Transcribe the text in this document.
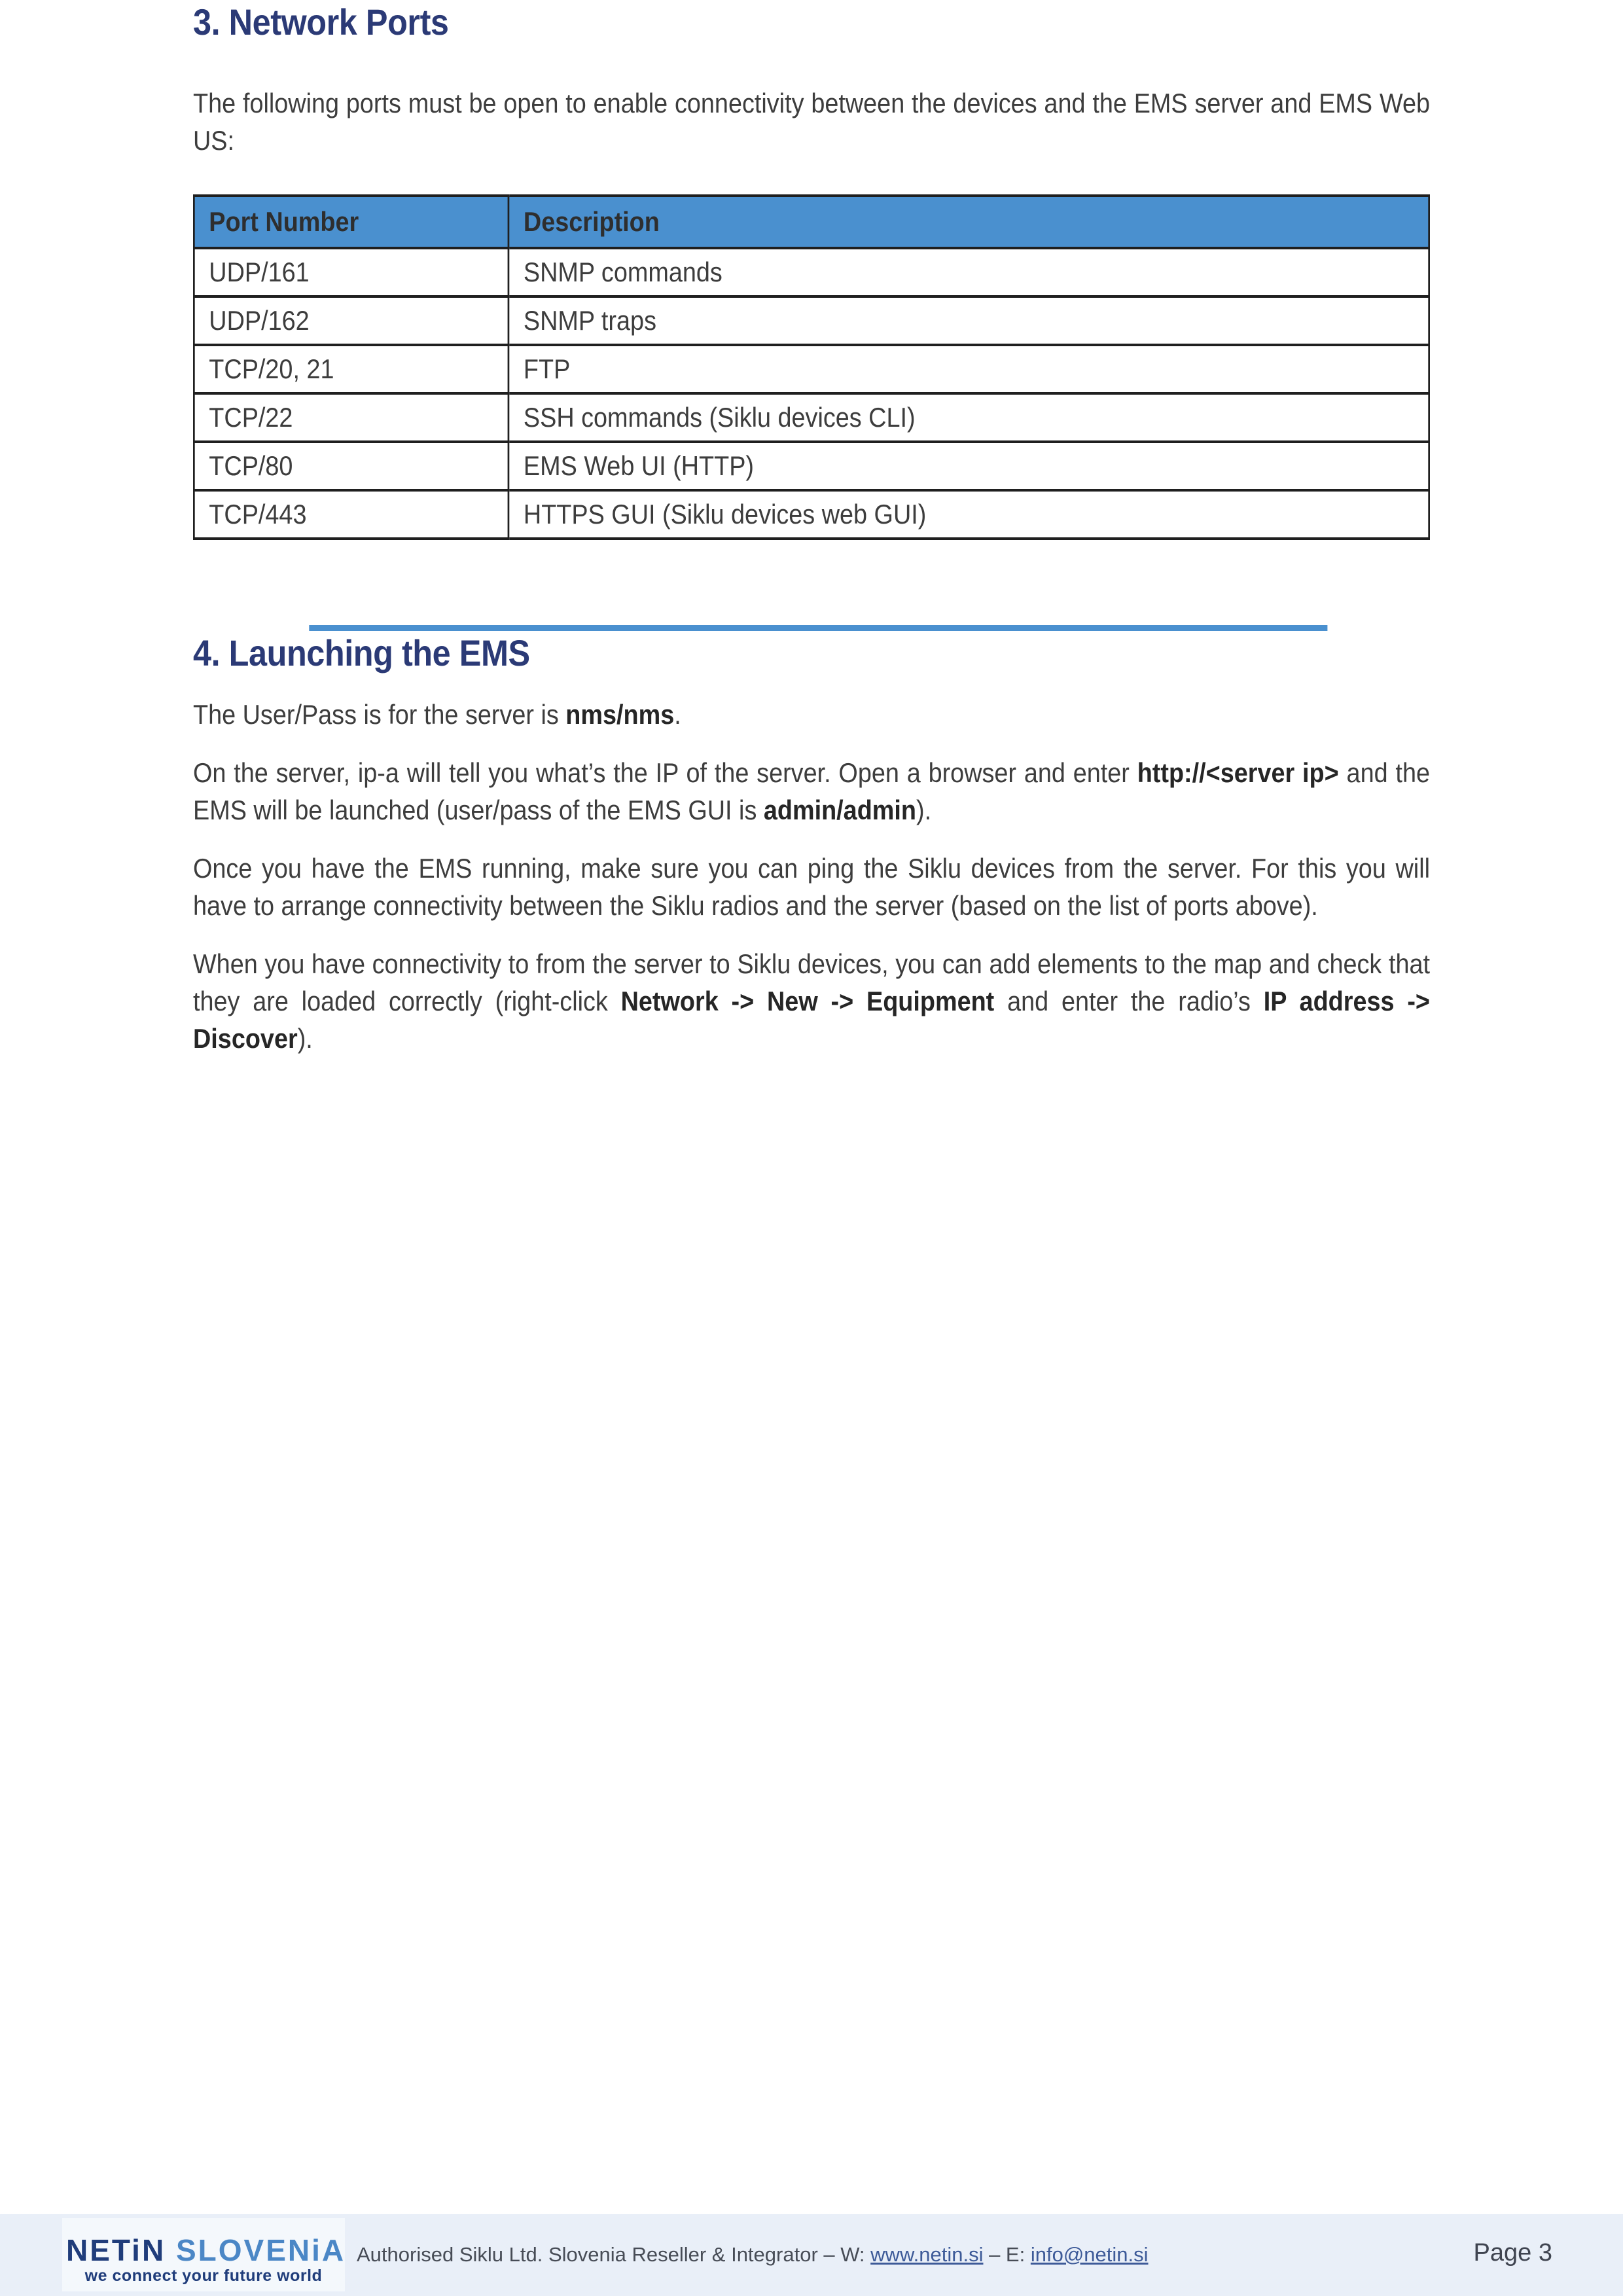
3. Network Ports

The following ports must be open to enable connectivity between the devices and the EMS server and EMS Web US:

Port Number	Description
UDP/161	SNMP commands
UDP/162	SNMP traps
TCP/20, 21	FTP
TCP/22	SSH commands (Siklu devices CLI)
TCP/80	EMS Web UI (HTTP)
TCP/443	HTTPS GUI (Siklu devices web GUI)
4. Launching the EMS

The User/Pass is for the server is nms/nms.

On the server, ip-a will tell you what’s the IP of the server. Open a browser and enter http://<server ip> and the EMS will be launched (user/pass of the EMS GUI is admin/admin).

Once you have the EMS running, make sure you can ping the Siklu devices from the server. For this you will have to arrange connectivity between the Siklu radios and the server (based on the list of ports above).

When you have connectivity to from the server to Siklu devices, you can add elements to the map and check that they are loaded correctly (right-click Network -> New -> Equipment and enter the radio’s IP address -> Discover).

NETiN SLOVENiA
we connect your future world

Authorised Siklu Ltd. Slovenia Reseller & Integrator – W: www.netin.si – E: info@netin.si	Page 3
